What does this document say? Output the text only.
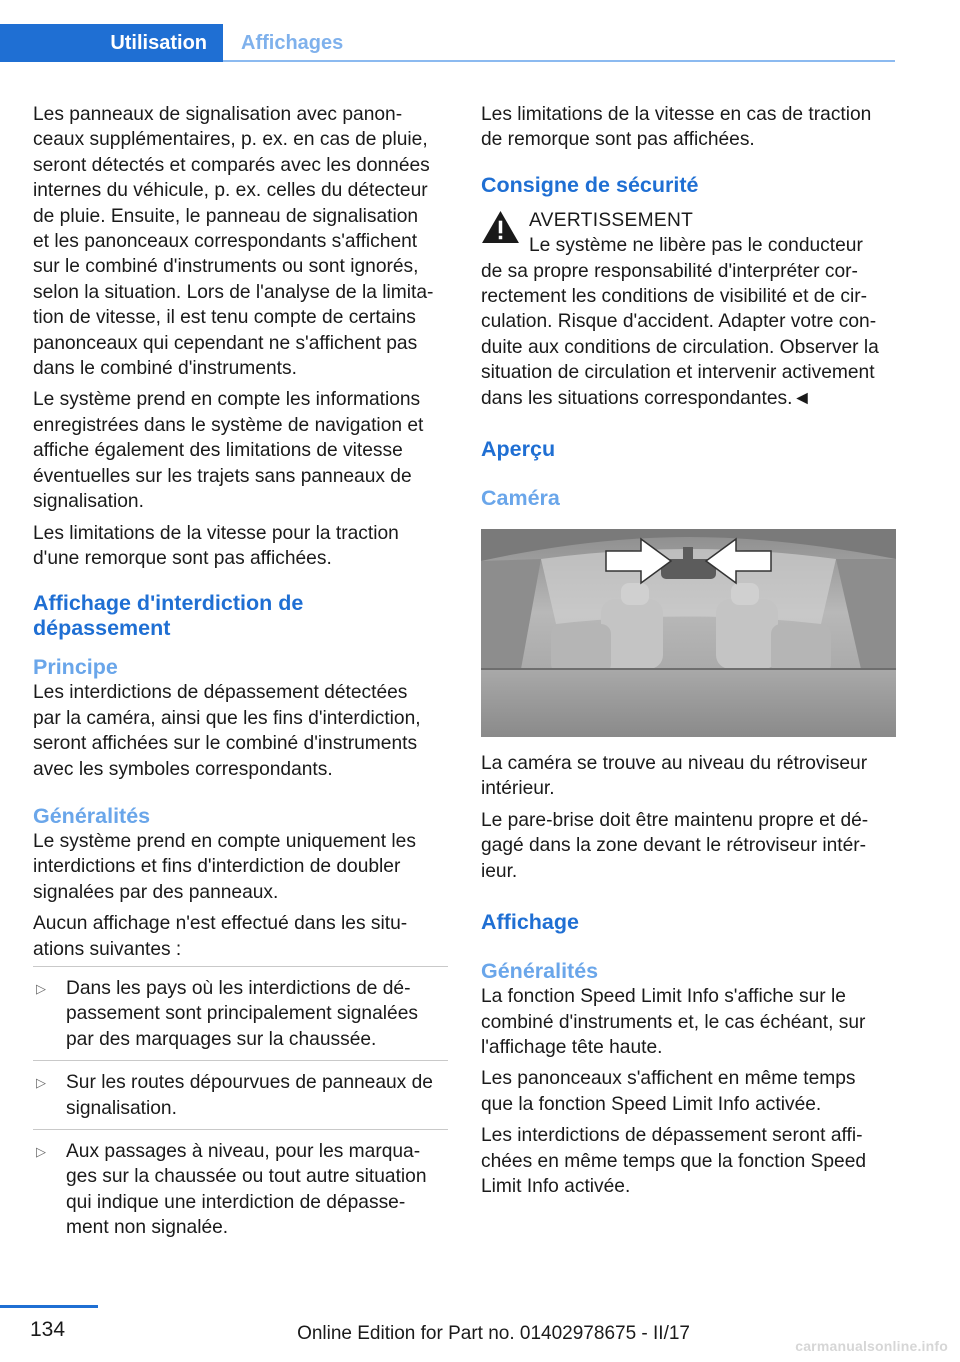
Utilisation	Affichages

Les panneaux de signalisation avec panon‐
ceaux supplémentaires, p. ex. en cas de pluie,
seront détectés et comparés avec les données
internes du véhicule, p. ex. celles du détecteur
de pluie. Ensuite, le panneau de signalisation
et les panonceaux correspondants s'affichent
sur le combiné d'instruments ou sont ignorés,
selon la situation. Lors de l'analyse de la limita‐
tion de vitesse, il est tenu compte de certains
panonceaux qui cependant ne s'affichent pas
dans le combiné d'instruments.

Le système prend en compte les informations
enregistrées dans le système de navigation et
affiche également des limitations de vitesse
éventuelles sur les trajets sans panneaux de
signalisation.

Les limitations de la vitesse pour la traction
d'une remorque sont pas affichées.

Affichage d'interdiction de
dépassement
Principe

Les interdictions de dépassement détectées
par la caméra, ainsi que les fins d'interdiction,
seront affichées sur le combiné d'instruments
avec les symboles correspondants.

Généralités

Le système prend en compte uniquement les
interdictions et fins d'interdiction de doubler
signalées par des panneaux.

Aucun affichage n'est effectué dans les situ‐
ations suivantes :

▷	Dans les pays où les interdictions de dé‐
passement sont principalement signalées
par des marquages sur la chaussée.
▷	Sur les routes dépourvues de panneaux de
signalisation.
▷	Aux passages à niveau, pour les marqua‐
ges sur la chaussée ou tout autre situation
qui indique une interdiction de dépasse‐
ment non signalée.

Les limitations de la vitesse en cas de traction
de remorque sont pas affichées.

Consigne de sécurité
AVERTISSEMENT
Le système ne libère pas le conducteur

de sa propre responsabilité d'interpréter cor‐
rectement les conditions de visibilité et de cir‐
culation. Risque d'accident. Adapter votre con‐
duite aux conditions de circulation. Observer la
situation de circulation et intervenir activement
dans les situations correspondantes.◄

Aperçu
Caméra

La caméra se trouve au niveau du rétroviseur
intérieur.

Le pare-brise doit être maintenu propre et dé‐
gagé dans la zone devant le rétroviseur intér‐
ieur.

Affichage
Généralités

La fonction Speed Limit Info s'affiche sur le
combiné d'instruments et, le cas échéant, sur
l'affichage tête haute.

Les panonceaux s'affichent en même temps
que la fonction Speed Limit Info activée.

Les interdictions de dépassement seront affi‐
chées en même temps que la fonction Speed
Limit Info activée.

134	Online Edition for Part no. 01402978675 - II/17
carmanualsonline.info
